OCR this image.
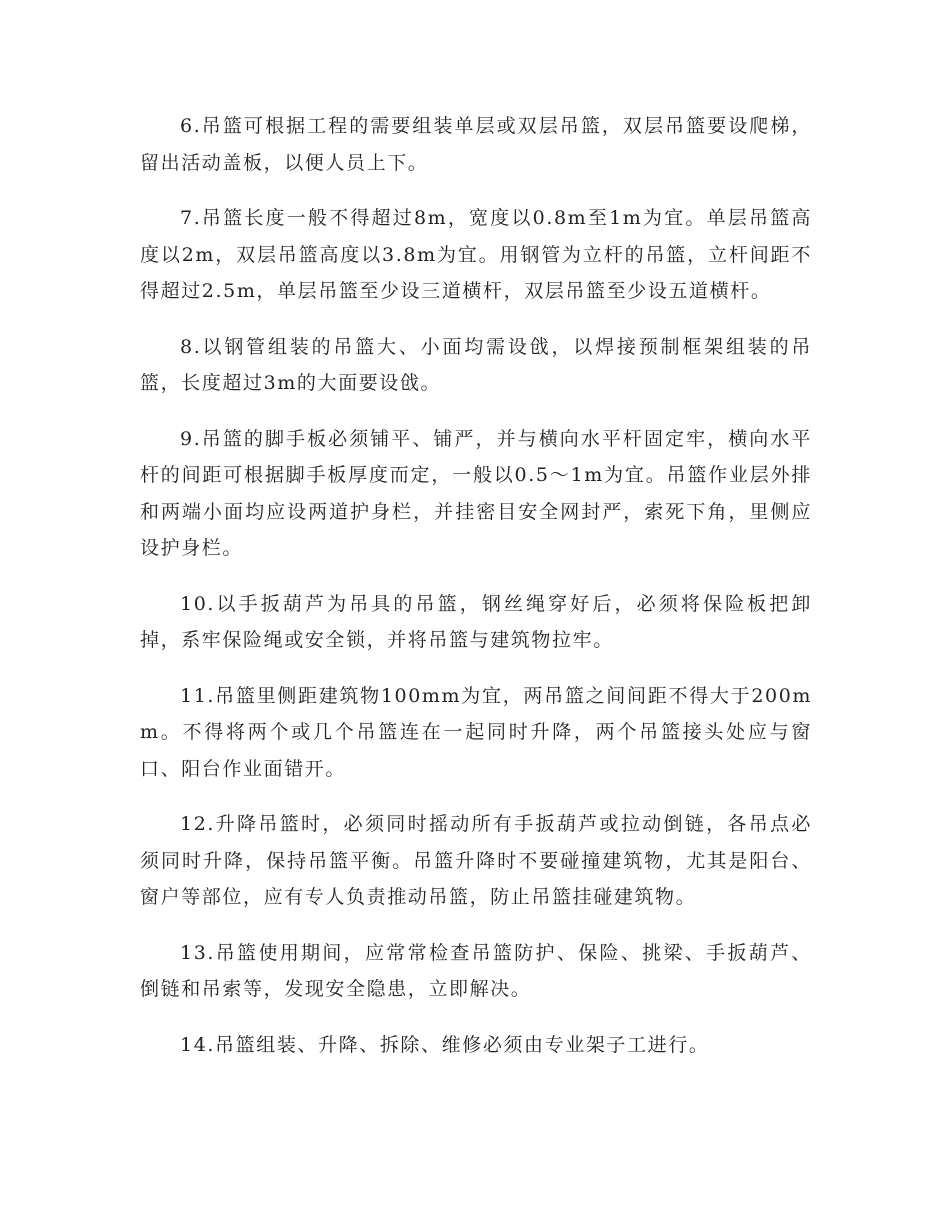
6.吊篮可根据工程的需要组装单层或双层吊篮，双层吊篮要设爬梯，留出活动盖板，以便人员上下。

7.吊篮长度一般不得超过8m，宽度以0.8m至1m为宜。单层吊篮高度以2m，双层吊篮高度以3.8m为宜。用钢管为立杆的吊篮，立杆间距不得超过2.5m，单层吊篮至少设三道横杆，双层吊篮至少设五道横杆。

8.以钢管组装的吊篮大、小面均需设戗，以焊接预制框架组装的吊篮，长度超过3m的大面要设戗。

9.吊篮的脚手板必须铺平、铺严，并与横向水平杆固定牢，横向水平杆的间距可根据脚手板厚度而定，一般以0.5～1m为宜。吊篮作业层外排和两端小面均应设两道护身栏，并挂密目安全网封严，索死下角，里侧应设护身栏。

10.以手扳葫芦为吊具的吊篮，钢丝绳穿好后，必须将保险板把卸掉，系牢保险绳或安全锁，并将吊篮与建筑物拉牢。

11.吊篮里侧距建筑物100mm为宜，两吊篮之间间距不得大于200mm。不得将两个或几个吊篮连在一起同时升降，两个吊篮接头处应与窗口、阳台作业面错开。

12.升降吊篮时，必须同时摇动所有手扳葫芦或拉动倒链，各吊点必须同时升降，保持吊篮平衡。吊篮升降时不要碰撞建筑物，尤其是阳台、窗户等部位，应有专人负责推动吊篮，防止吊篮挂碰建筑物。

13.吊篮使用期间，应常常检查吊篮防护、保险、挑梁、手扳葫芦、倒链和吊索等，发现安全隐患，立即解决。

14.吊篮组装、升降、拆除、维修必须由专业架子工进行。
